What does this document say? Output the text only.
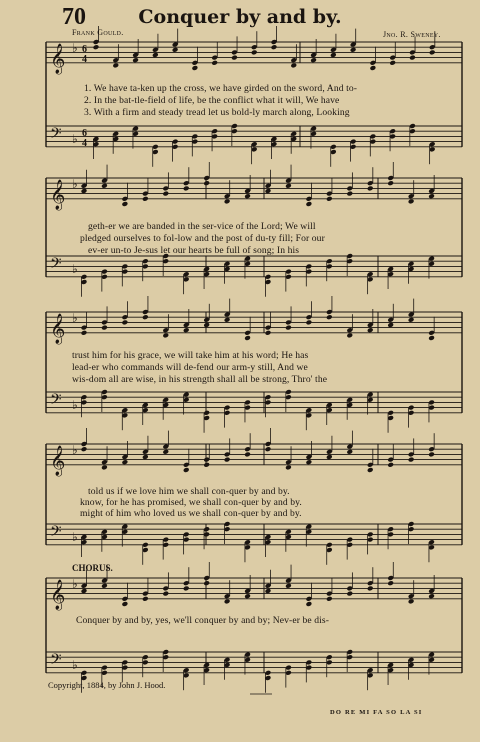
70	Conquer by and by.
Frank Gould.	Jno. R. Sweney.
𝄞 ♭ 6
4
𝄢 ♭ 6
4
𝄞 ♭
𝄢 ♭
𝄞 ♭
𝄢 ♭
𝄞 ♭
𝄢 ♭
𝄞 ♭
𝄢 ♭
1. We have ta-ken up the cross, we have girded on the sword, And to-
2. In the bat-tle-field of life, be the conflict what it will, We have
3. With a firm and steady tread let us bold-ly march along, Looking
geth-er we are banded in the ser-vice of the Lord; We will
pledged ourselves to fol-low and the post of du-ty fill; For our
ev-er un-to Je-sus let our hearts be full of song; In his
trust him for his grace, we will take him at his word; He has
lead-er who commands will de-fend our arm-y still, And we
wis-dom all are wise, in his strength shall all be strong, Thro' the
told us if we love him we shall con-quer by and by.
know, for he has promised, we shall con-quer by and by.
might of him who loved us we shall con-quer by and by.
CHORUS.
Conquer by and by, yes, we'll conquer by and by; Nev-er be dis-
Copyright, 1884, by John J. Hood.
DO RE MI FA SO LA SI
